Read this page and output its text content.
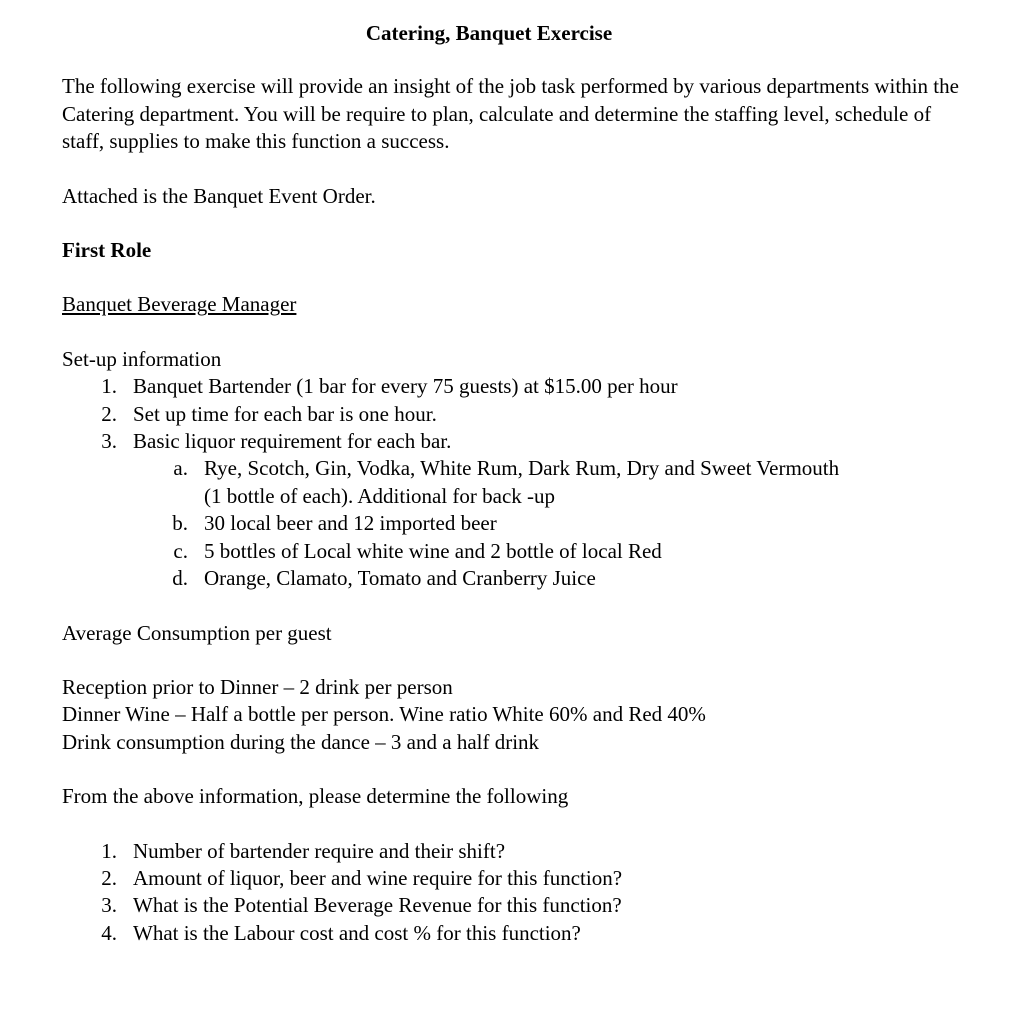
Catering, Banquet Exercise
The following exercise will provide an insight of the job task performed by various departments within the Catering department. You will be require to plan, calculate and determine the staffing level, schedule of staff, supplies to make this function a success.
Attached is the Banquet Event Order.
First Role
Banquet Beverage Manager
Set-up information
1. Banquet Bartender (1 bar for every 75 guests) at $15.00 per hour
2. Set up time for each bar is one hour.
3. Basic liquor requirement for each bar.
a. Rye, Scotch, Gin, Vodka, White Rum, Dark Rum, Dry and Sweet Vermouth (1 bottle of each). Additional for back -up
b. 30 local beer and 12 imported beer
c. 5 bottles of Local white wine and 2 bottle of local Red
d. Orange, Clamato, Tomato and Cranberry Juice
Average Consumption per guest
Reception prior to Dinner – 2 drink per person
Dinner Wine – Half a bottle per person. Wine ratio White 60% and Red 40%
Drink consumption during the dance – 3 and a half drink
From the above information, please determine the following
1. Number of bartender require and their shift?
2. Amount of liquor, beer and wine require for this function?
3. What is the Potential Beverage Revenue for this function?
4. What is the Labour cost and cost % for this function?
